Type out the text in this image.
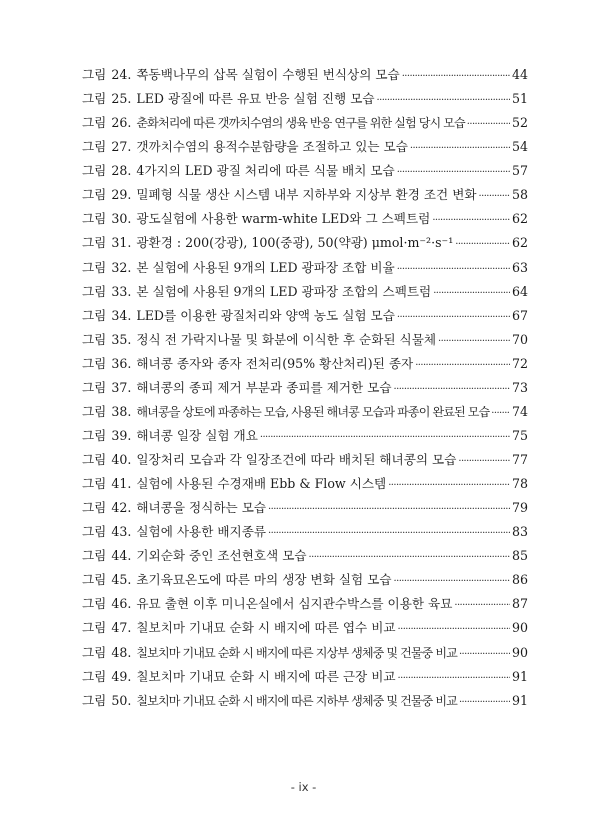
그림 24. 쪽동백나무의 삽목 실험이 수행된 번식상의 모습 ·····	44
그림 25. LED 광질에 따른 유묘 반응 실험 진행 모습 ·····	51
그림 26. 춘화처리에 따른 갯까치수염의 생육 반응 연구를 위한 실험 당시 모습 ·····	52
그림 27. 갯까치수염의 용적수분함량을 조절하고 있는 모습 ·····	54
그림 28. 4가지의 LED 광질 처리에 따른 식물 배치 모습 ·····	57
그림 29. 밀폐형 식물 생산 시스템 내부 지하부와 지상부 환경 조건 변화 ·····	58
그림 30. 광도실험에 사용한 warm-white LED와 그 스펙트럼 ·····	62
그림 31. 광환경 : 200(강광), 100(중광), 50(약광) μmol·m⁻²·s⁻¹ ·····	62
그림 32. 본 실험에 사용된 9개의 LED 광파장 조합 비율 ·····	63
그림 33. 본 실험에 사용된 9개의 LED 광파장 조합의 스펙트럼 ·····	64
그림 34. LED를 이용한 광질처리와 양액 농도 실험 모습 ·····	67
그림 35. 정식 전 가락지나물 및 화분에 이식한 후 순화된 식물체 ·····	70
그림 36. 해녀콩 종자와 종자 전처리(95% 황산처리)된 종자 ·····	72
그림 37. 해녀콩의 종피 제거 부분과 종피를 제거한 모습 ·····	73
그림 38. 해녀콩을 상토에 파종하는 모습, 사용된 해녀콩 모습과 파종이 완료된 모습 ····· 74
그림 39. 해녀콩 일장 실험 개요 ·····	75
그림 40. 일장처리 모습과 각 일장조건에 따라 배치된 해녀콩의 모습 ·····	77
그림 41. 실험에 사용된 수경재배 Ebb & Flow 시스템 ·····	78
그림 42. 해녀콩을 정식하는 모습 ·····	79
그림 43. 실험에 사용한 배지종류 ·····	83
그림 44. 기외순화 중인 조선현호색 모습 ·····	85
그림 45. 초기육묘온도에 따른 마의 생장 변화 실험 모습 ·····	86
그림 46. 유묘 출현 이후 미니온실에서 심지관수박스를 이용한 육묘 ·····	87
그림 47. 칠보치마 기내묘 순화 시 배지에 따른 엽수 비교 ·····	90
그림 48. 칠보치마 기내묘 순화 시 배지에 따른 지상부 생체중 및 건물중 비교 ·····	90
그림 49. 칠보치마 기내묘 순화 시 배지에 따른 근장 비교 ·····	91
그림 50. 칠보치마 기내묘 순화 시 배지에 따른 지하부 생체중 및 건물중 비교 ·····	91
- ix -
